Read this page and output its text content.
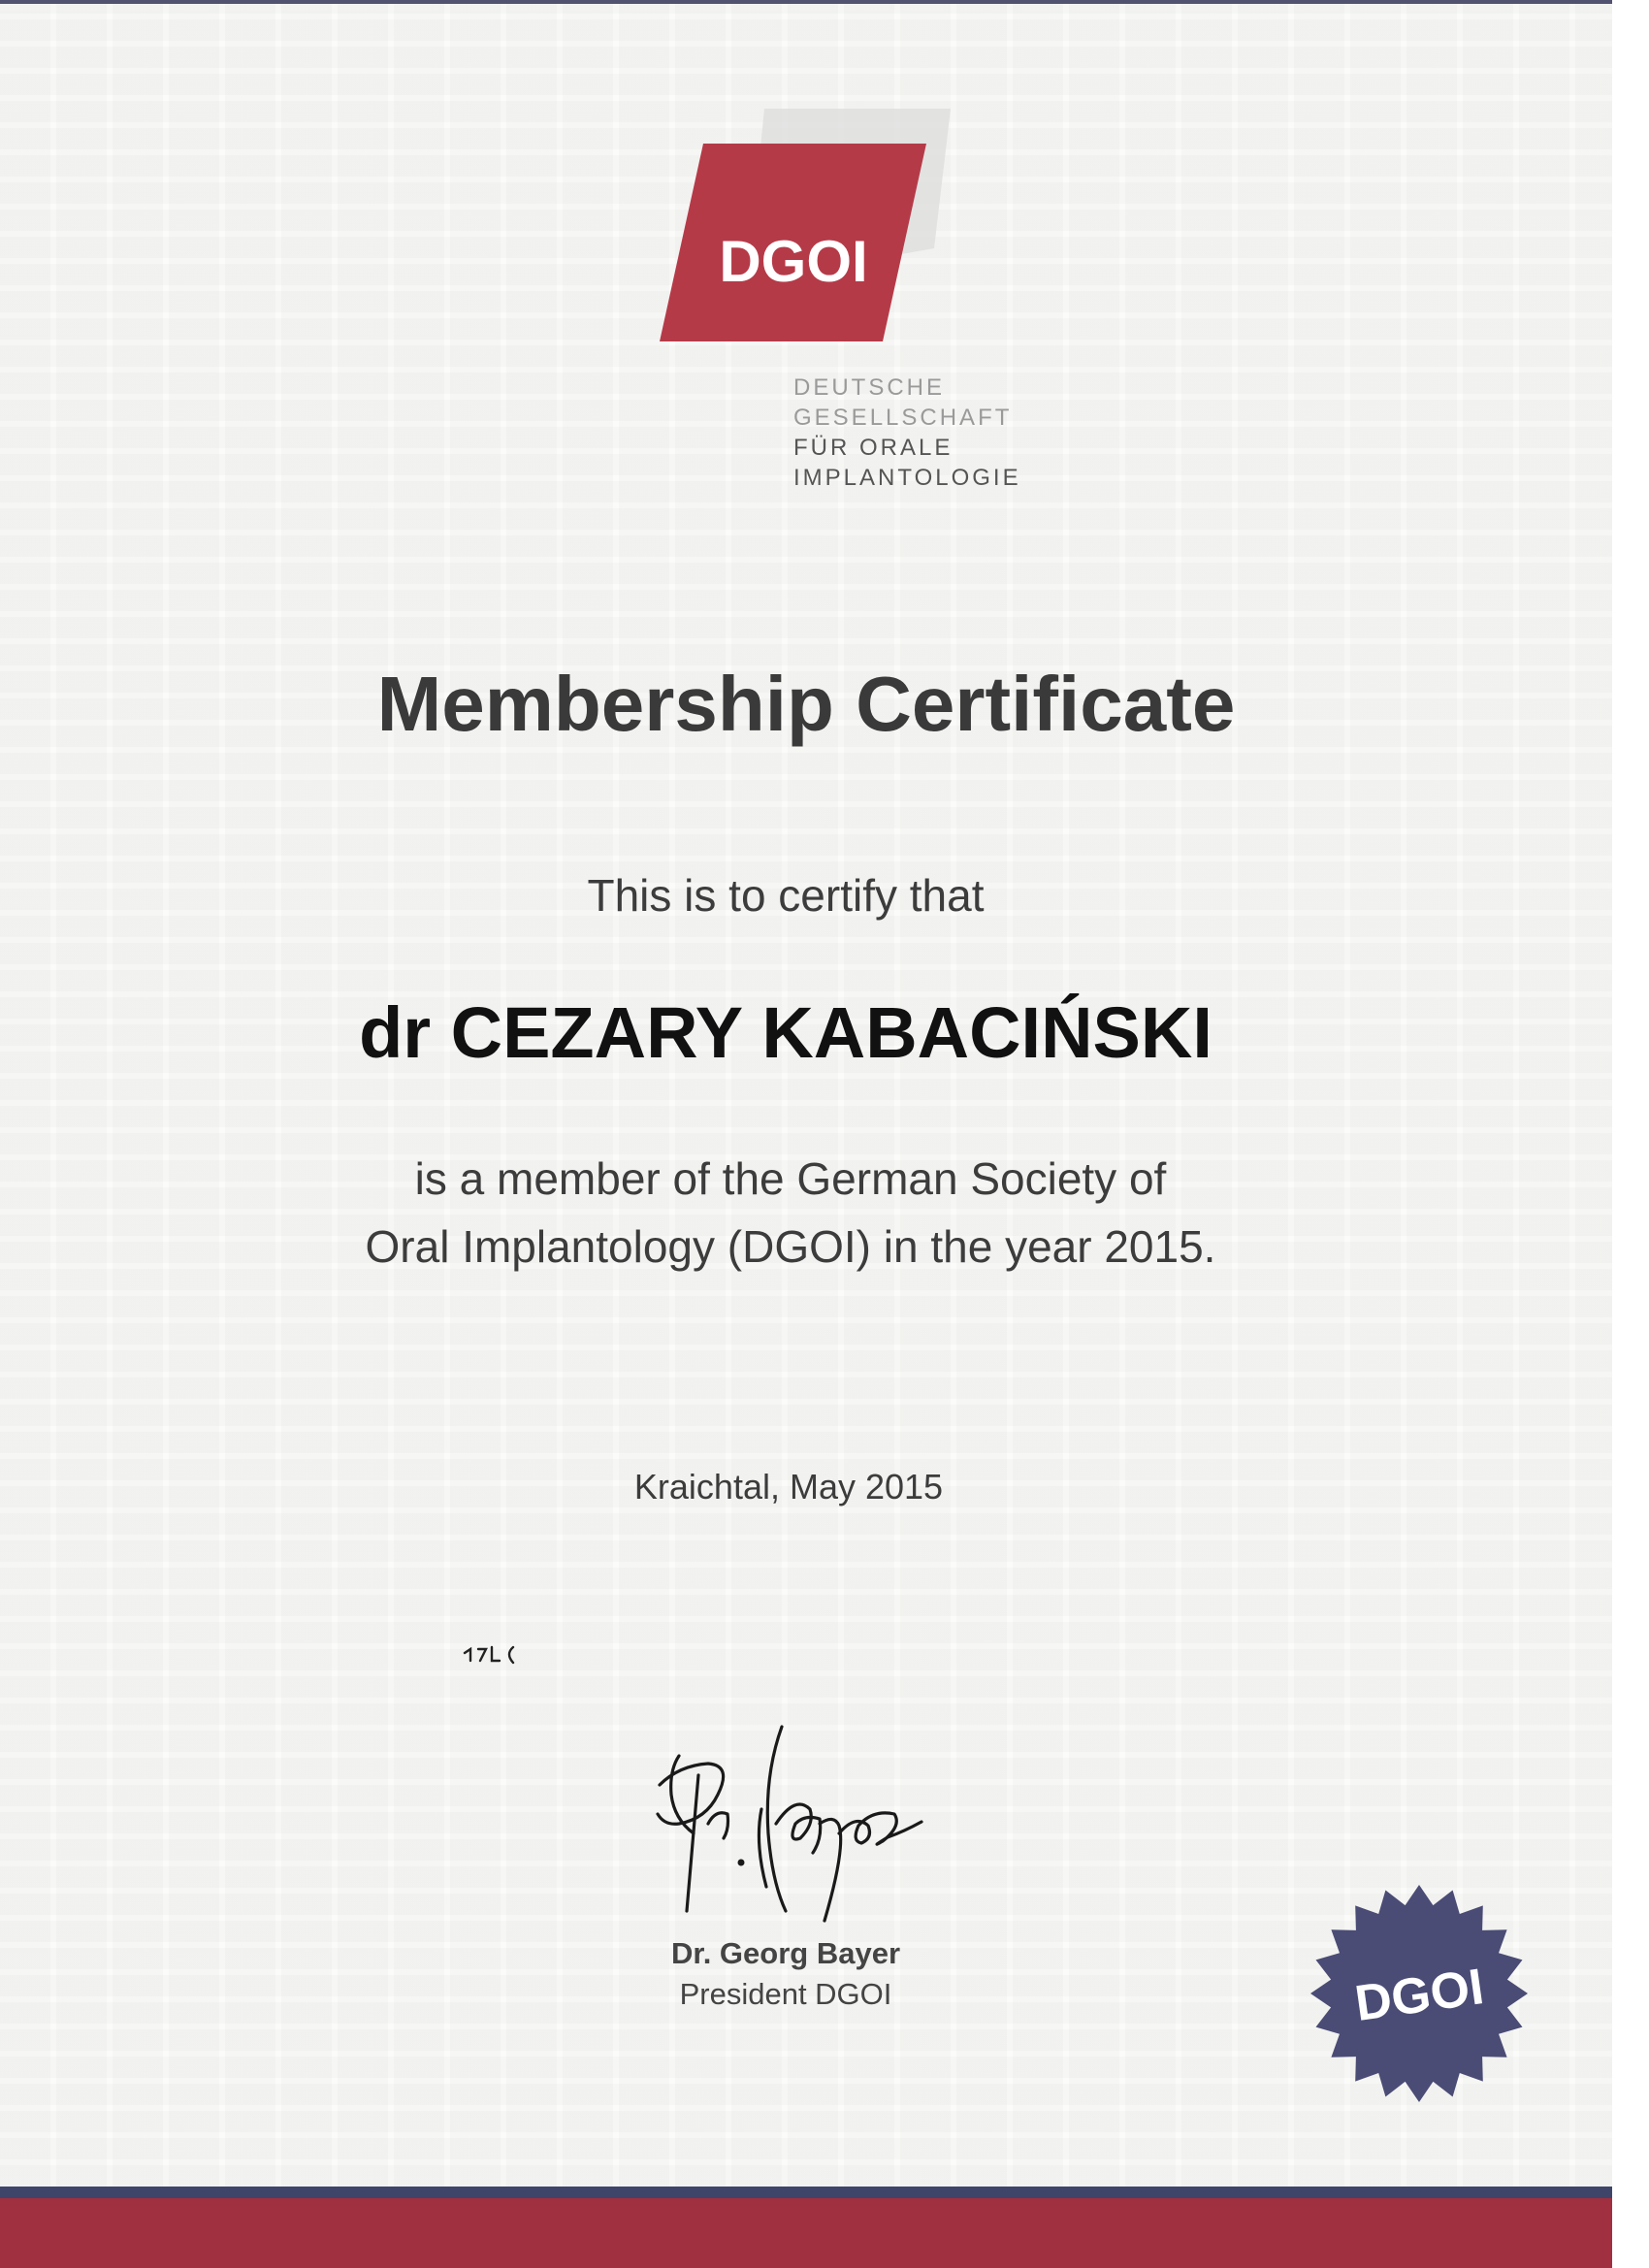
DGOI
DEUTSCHE
GESELLSCHAFT
FÜR ORALE
IMPLANTOLOGIE
Membership Certificate
This is to certify that
dr CEZARY KABACIŃSKI
is a member of the German Society of
Oral Implantology (DGOI) in the year 2015.
Kraichtal, May 2015
Dr. Georg Bayer
President DGOI	DGOI
